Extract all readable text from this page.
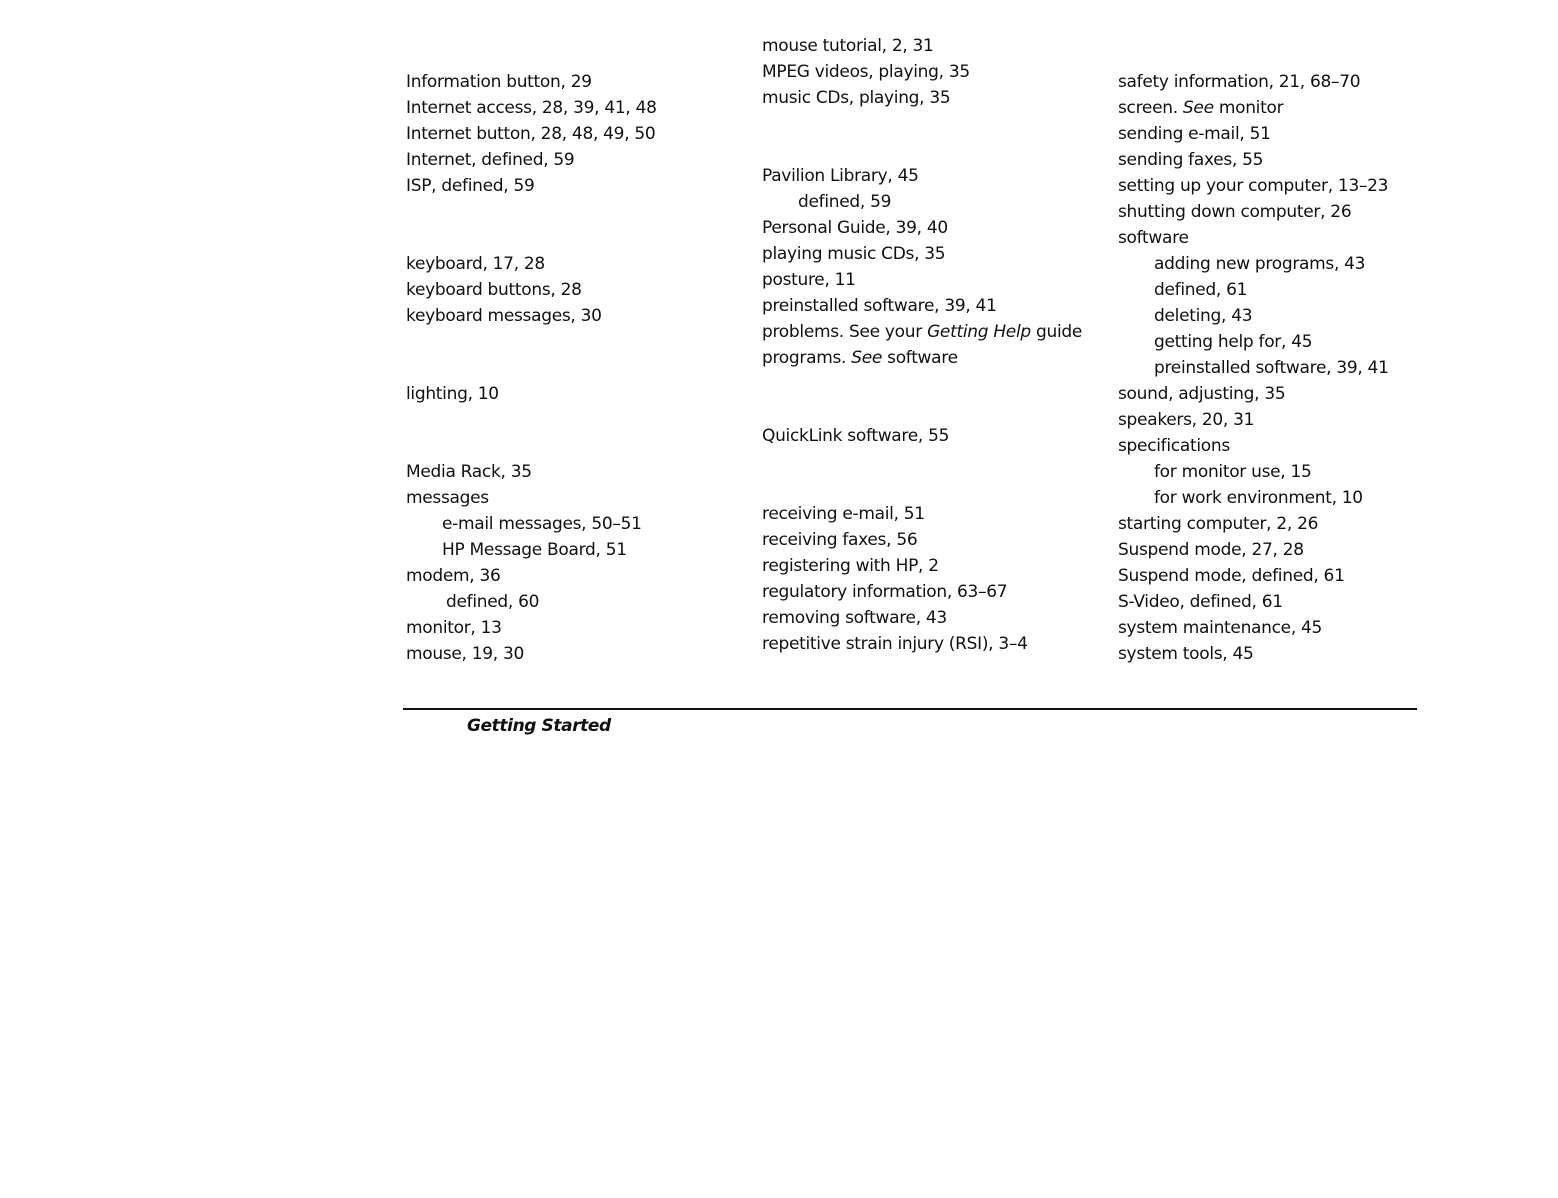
Information button, 29
Internet access, 28, 39, 41, 48
Internet button, 28, 48, 49, 50
Internet, defined, 59
ISP, defined, 59
keyboard, 17, 28
keyboard buttons, 28
keyboard messages, 30
lighting, 10
Media Rack, 35
messages
e-mail messages, 50–51
HP Message Board, 51
modem, 36
defined, 60
monitor, 13
mouse, 19, 30
mouse tutorial, 2, 31
MPEG videos, playing, 35
music CDs, playing, 35
Pavilion Library, 45
defined, 59
Personal Guide, 39, 40
playing music CDs, 35
posture, 11
preinstalled software, 39, 41
problems. See your Getting Help guide
programs. See software
QuickLink software, 55
receiving e-mail, 51
receiving faxes, 56
registering with HP, 2
regulatory information, 63–67
removing software, 43
repetitive strain injury (RSI), 3–4
safety information, 21, 68–70
screen. See monitor
sending e-mail, 51
sending faxes, 55
setting up your computer, 13–23
shutting down computer, 26
software
adding new programs, 43
defined, 61
deleting, 43
getting help for, 45
preinstalled software, 39, 41
sound, adjusting, 35
speakers, 20, 31
specifications
for monitor use, 15
for work environment, 10
starting computer, 2, 26
Suspend mode, 27, 28
Suspend mode, defined, 61
S-Video, defined, 61
system maintenance, 45
system tools, 45
Getting Started
